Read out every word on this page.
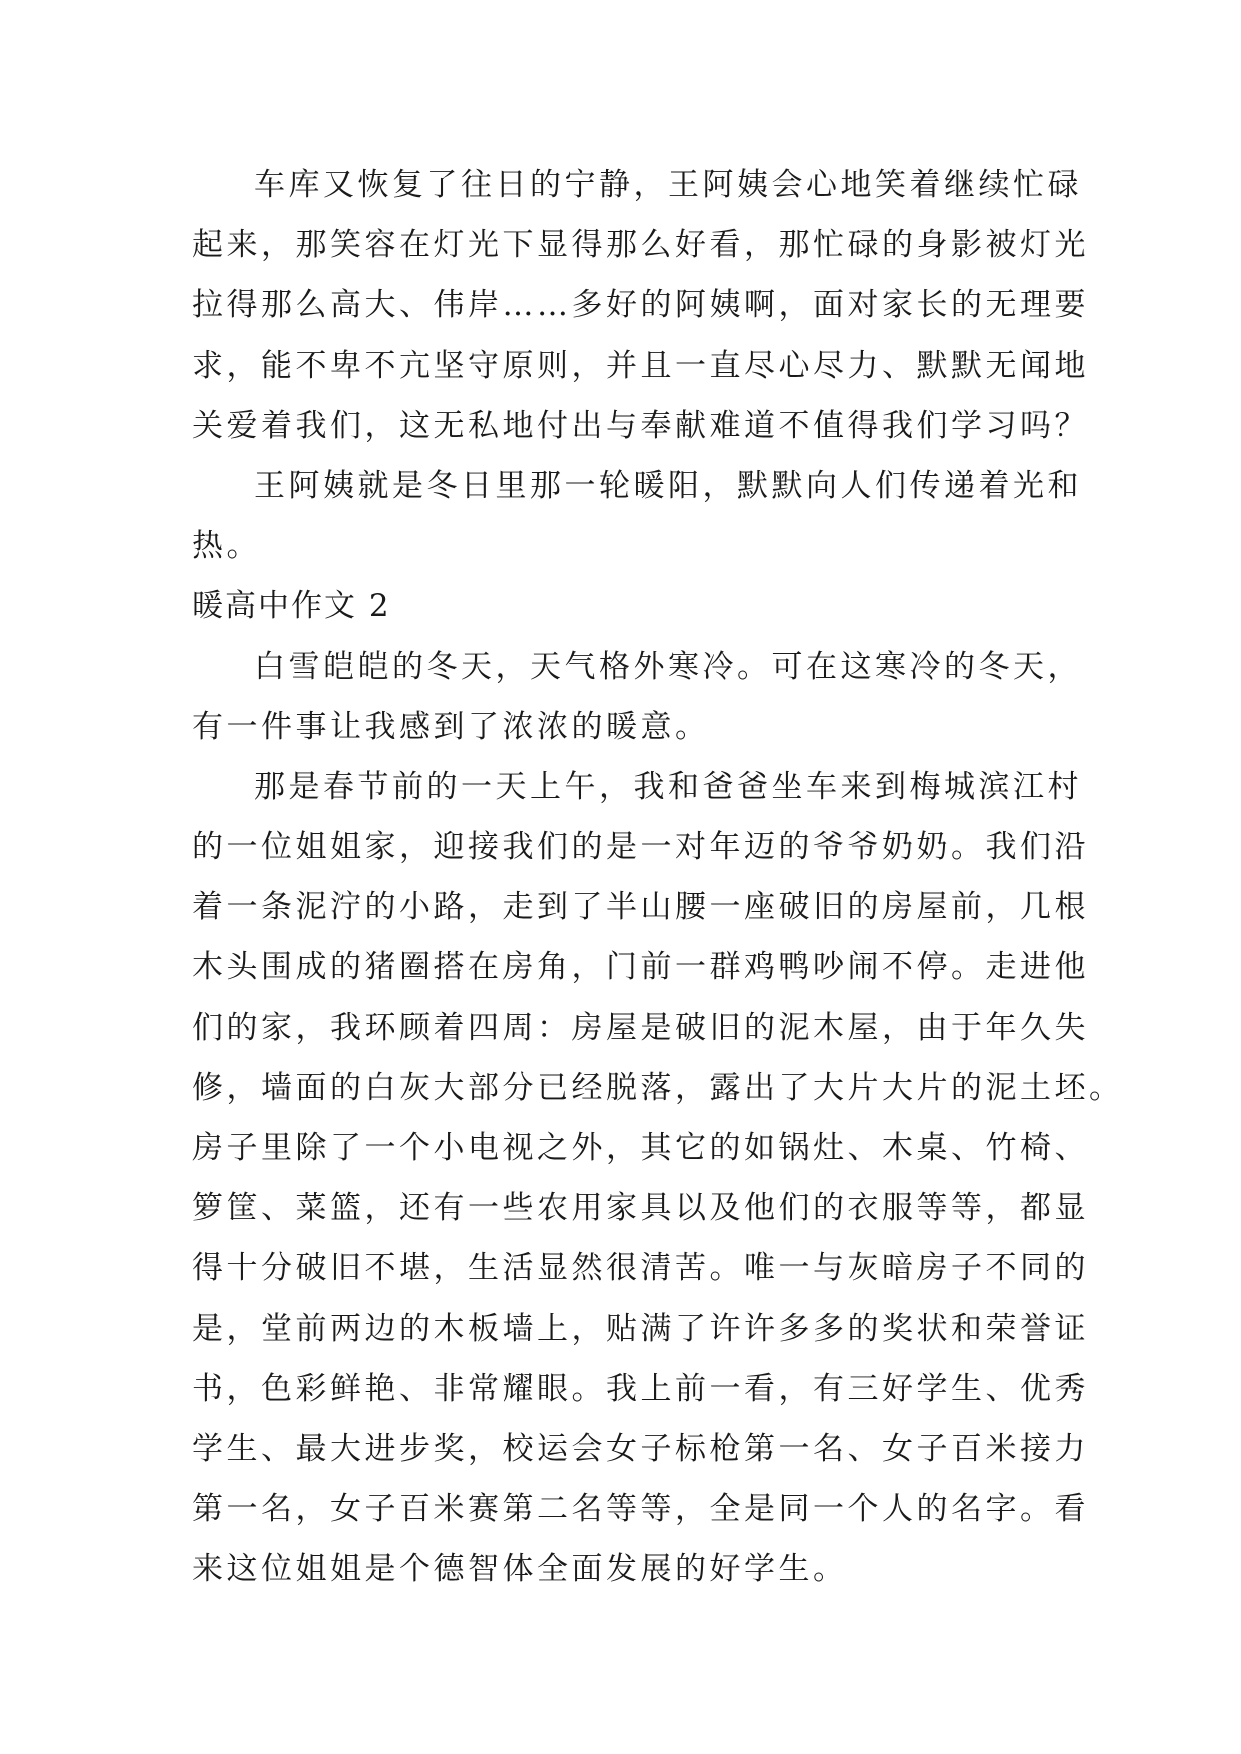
车库又恢复了往日的宁静，王阿姨会心地笑着继续忙碌
起来，那笑容在灯光下显得那么好看，那忙碌的身影被灯光
拉得那么高大、伟岸……多好的阿姨啊，面对家长的无理要
求，能不卑不亢坚守原则，并且一直尽心尽力、默默无闻地
关爱着我们，这无私地付出与奉献难道不值得我们学习吗？
王阿姨就是冬日里那一轮暖阳，默默向人们传递着光和
热。
暖高中作文 2
白雪皑皑的冬天，天气格外寒冷。可在这寒冷的冬天，
有一件事让我感到了浓浓的暖意。
那是春节前的一天上午，我和爸爸坐车来到梅城滨江村
的一位姐姐家，迎接我们的是一对年迈的爷爷奶奶。我们沿
着一条泥泞的小路，走到了半山腰一座破旧的房屋前，几根
木头围成的猪圈搭在房角，门前一群鸡鸭吵闹不停。走进他
们的家，我环顾着四周：房屋是破旧的泥木屋，由于年久失
修，墙面的白灰大部分已经脱落，露出了大片大片的泥土坯。
房子里除了一个小电视之外，其它的如锅灶、木桌、竹椅、
箩筐、菜篮，还有一些农用家具以及他们的衣服等等，都显
得十分破旧不堪，生活显然很清苦。唯一与灰暗房子不同的
是，堂前两边的木板墙上，贴满了许许多多的奖状和荣誉证
书，色彩鲜艳、非常耀眼。我上前一看，有三好学生、优秀
学生、最大进步奖，校运会女子标枪第一名、女子百米接力
第一名，女子百米赛第二名等等，全是同一个人的名字。看
来这位姐姐是个德智体全面发展的好学生。
